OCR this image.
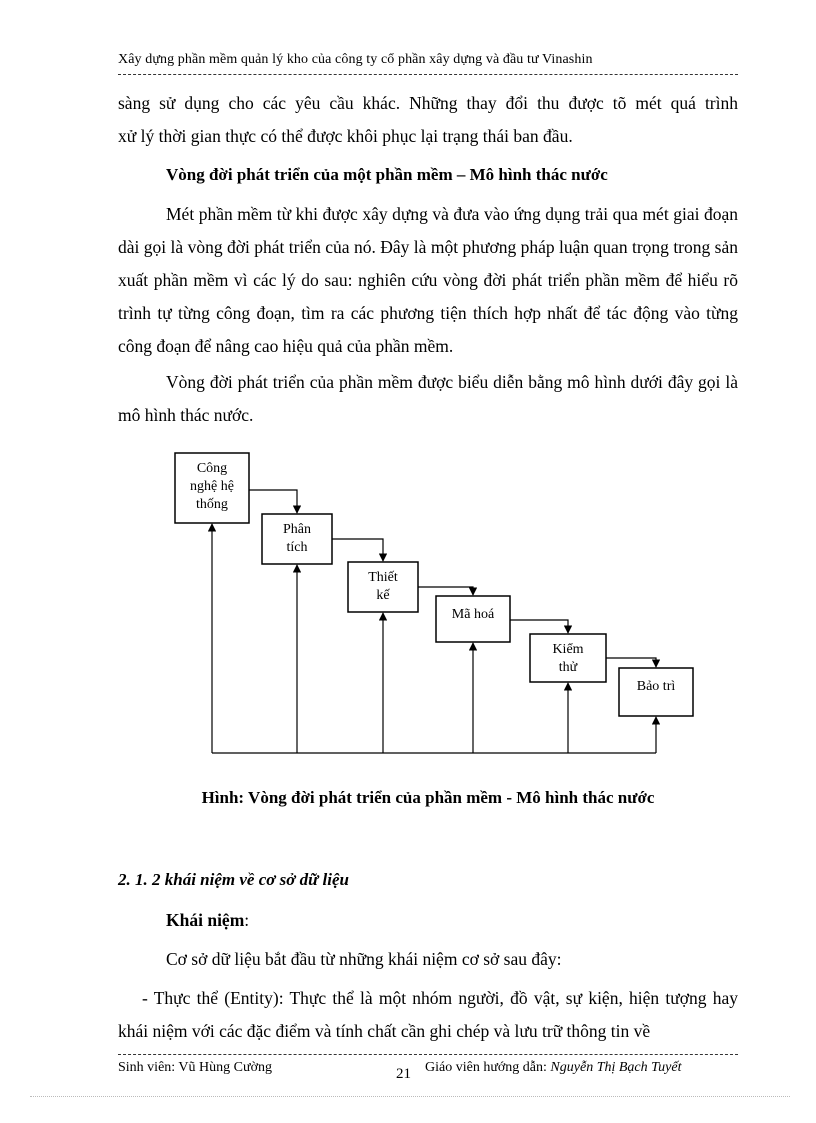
Xây dựng phần mềm quản lý kho của công ty cổ phần xây dựng và đầu tư Vinashin

sàng sử dụng cho các yêu cầu khác. Những thay đổi thu được tõ mét quá trình
xử lý thời gian thực có thể được khôi phục lại trạng thái ban đầu.

Vòng đời phát triển của một phần mềm – Mô hình thác nước

Mét phần mềm từ khi được xây dựng và đưa vào ứng dụng trải qua mét giai đoạn dài gọi là vòng đời phát triển của nó. Đây là một phương pháp luận quan trọng trong sản xuất phần mềm vì các lý do sau: nghiên cứu vòng đời phát triển phần mềm để hiểu rõ trình tự từng công đoạn, tìm ra các phương tiện thích hợp nhất để tác động vào từng công đoạn để nâng cao hiệu quả của phần mềm.

Vòng đời phát triển của phần mềm được biểu diễn bằng mô hình dưới đây gọi là mô hình thác nước.

Công
nghệ hệ
thống
Phân
tích
Thiết
kế
Mã hoá
Kiểm
thử
Bảo trì
Hình: Vòng đời phát triển của phần mềm - Mô hình thác nước
2. 1. 2 khái niệm về cơ sở dữ liệu
Khái niệm:

Cơ sở dữ liệu bắt đầu từ những khái niệm cơ sở sau đây:

- Thực thể (Entity): Thực thể là một nhóm người, đồ vật, sự kiện, hiện tượng hay khái niệm với các đặc điểm và tính chất cần ghi chép và lưu trữ thông tin về

Sinh viên: Vũ Hùng Cường	21 Giáo viên hướng dẫn: Nguyễn Thị Bạch Tuyết
